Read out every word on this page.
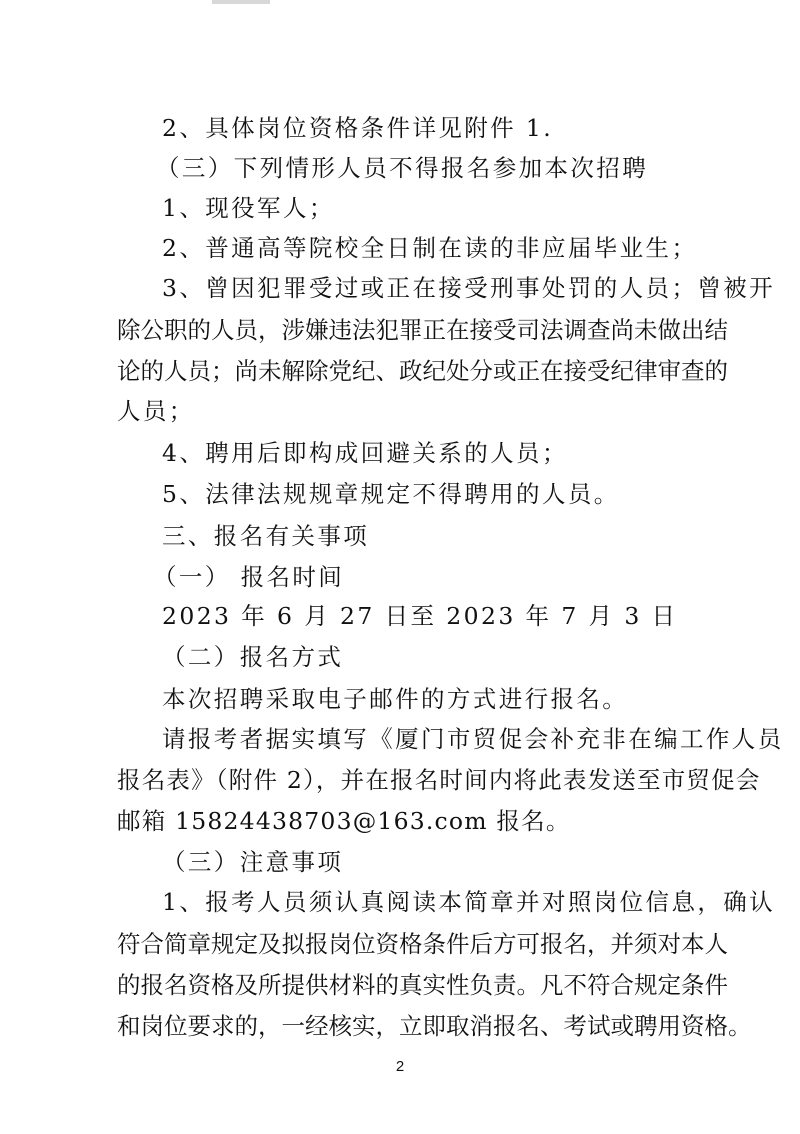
2、具体岗位资格条件详见附件 1.

（三）下列情形人员不得报名参加本次招聘

1、现役军人；

2、普通高等院校全日制在读的非应届毕业生；

3、曾因犯罪受过或正在接受刑事处罚的人员；曾被开

除公职的人员，涉嫌违法犯罪正在接受司法调查尚未做出结

论的人员；尚未解除党纪、政纪处分或正在接受纪律审查的

人员；

4、聘用后即构成回避关系的人员；

5、法律法规规章规定不得聘用的人员。

三、报名有关事项

（一） 报名时间

2023 年 6 月 27 日至 2023 年 7 月 3 日

（二）报名方式

本次招聘采取电子邮件的方式进行报名。

请报考者据实填写《厦门市贸促会补充非在编工作人员

报名表》（附件 2），并在报名时间内将此表发送至市贸促会

邮箱 15824438703@163.com 报名。

（三）注意事项

1、报考人员须认真阅读本简章并对照岗位信息，确认

符合简章规定及拟报岗位资格条件后方可报名，并须对本人

的报名资格及所提供材料的真实性负责。凡不符合规定条件

和岗位要求的，一经核实，立即取消报名、考试或聘用资格。

2
